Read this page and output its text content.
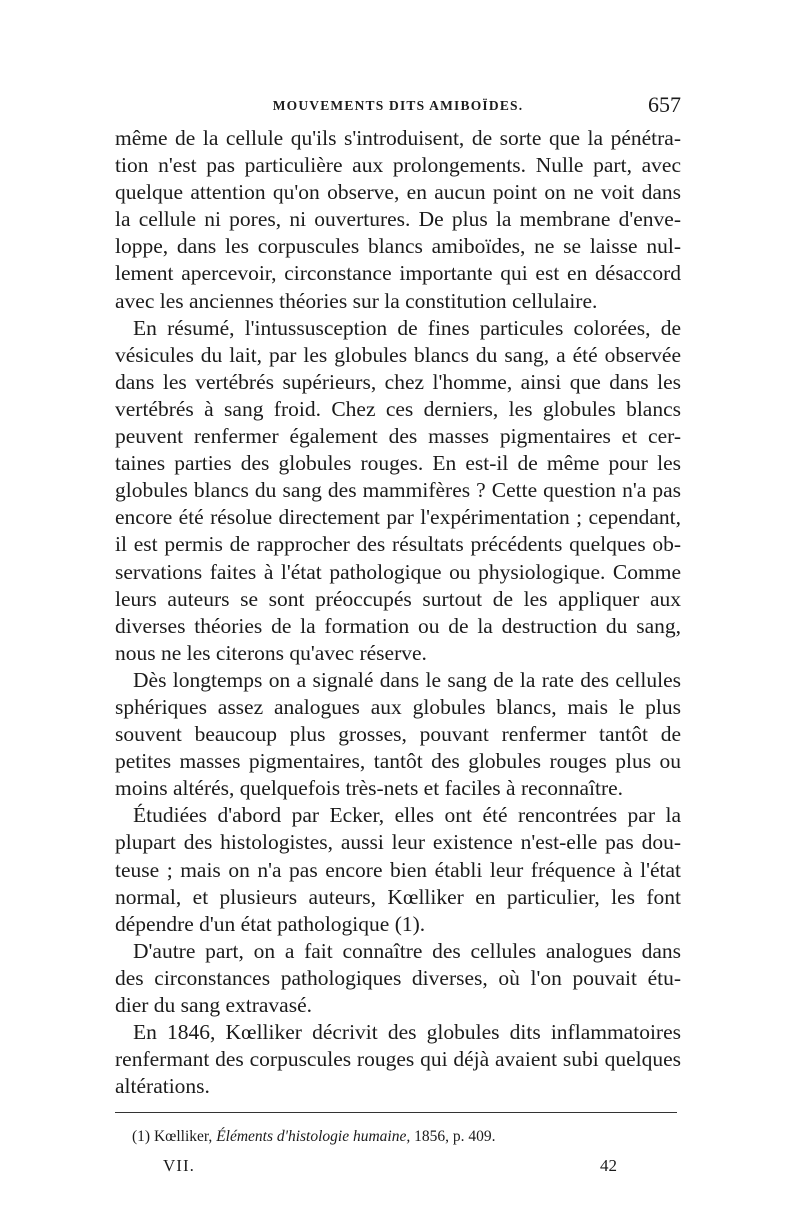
MOUVEMENTS DITS AMIBOÏDES.	657
même de la cellule qu'ils s'introduisent, de sorte que la pénétra-
tion n'est pas particulière aux prolongements. Nulle part, avec
quelque attention qu'on observe, en aucun point on ne voit dans
la cellule ni pores, ni ouvertures. De plus la membrane d'enve-
loppe, dans les corpuscules blancs amiboïdes, ne se laisse nul-
lement apercevoir, circonstance importante qui est en désaccord
avec les anciennes théories sur la constitution cellulaire.
En résumé, l'intussusception de fines particules colorées, de
vésicules du lait, par les globules blancs du sang, a été observée
dans les vertébrés supérieurs, chez l'homme, ainsi que dans les
vertébrés à sang froid. Chez ces derniers, les globules blancs
peuvent renfermer également des masses pigmentaires et cer-
taines parties des globules rouges. En est-il de même pour les
globules blancs du sang des mammifères ? Cette question n'a pas
encore été résolue directement par l'expérimentation ; cependant,
il est permis de rapprocher des résultats précédents quelques ob-
servations faites à l'état pathologique ou physiologique. Comme
leurs auteurs se sont préoccupés surtout de les appliquer aux
diverses théories de la formation ou de la destruction du sang,
nous ne les citerons qu'avec réserve.
Dès longtemps on a signalé dans le sang de la rate des cellules
sphériques assez analogues aux globules blancs, mais le plus
souvent beaucoup plus grosses, pouvant renfermer tantôt de
petites masses pigmentaires, tantôt des globules rouges plus ou
moins altérés, quelquefois très-nets et faciles à reconnaître.
Étudiées d'abord par Ecker, elles ont été rencontrées par la
plupart des histologistes, aussi leur existence n'est-elle pas dou-
teuse ; mais on n'a pas encore bien établi leur fréquence à l'état
normal, et plusieurs auteurs, Kœlliker en particulier, les font
dépendre d'un état pathologique (1).
D'autre part, on a fait connaître des cellules analogues dans
des circonstances pathologiques diverses, où l'on pouvait étu-
dier du sang extravasé.
En 1846, Kœlliker décrivit des globules dits inflammatoires
renfermant des corpuscules rouges qui déjà avaient subi quelques
altérations.
(1) Kœlliker, Éléments d'histologie humaine, 1856, p. 409.
VII.	42
